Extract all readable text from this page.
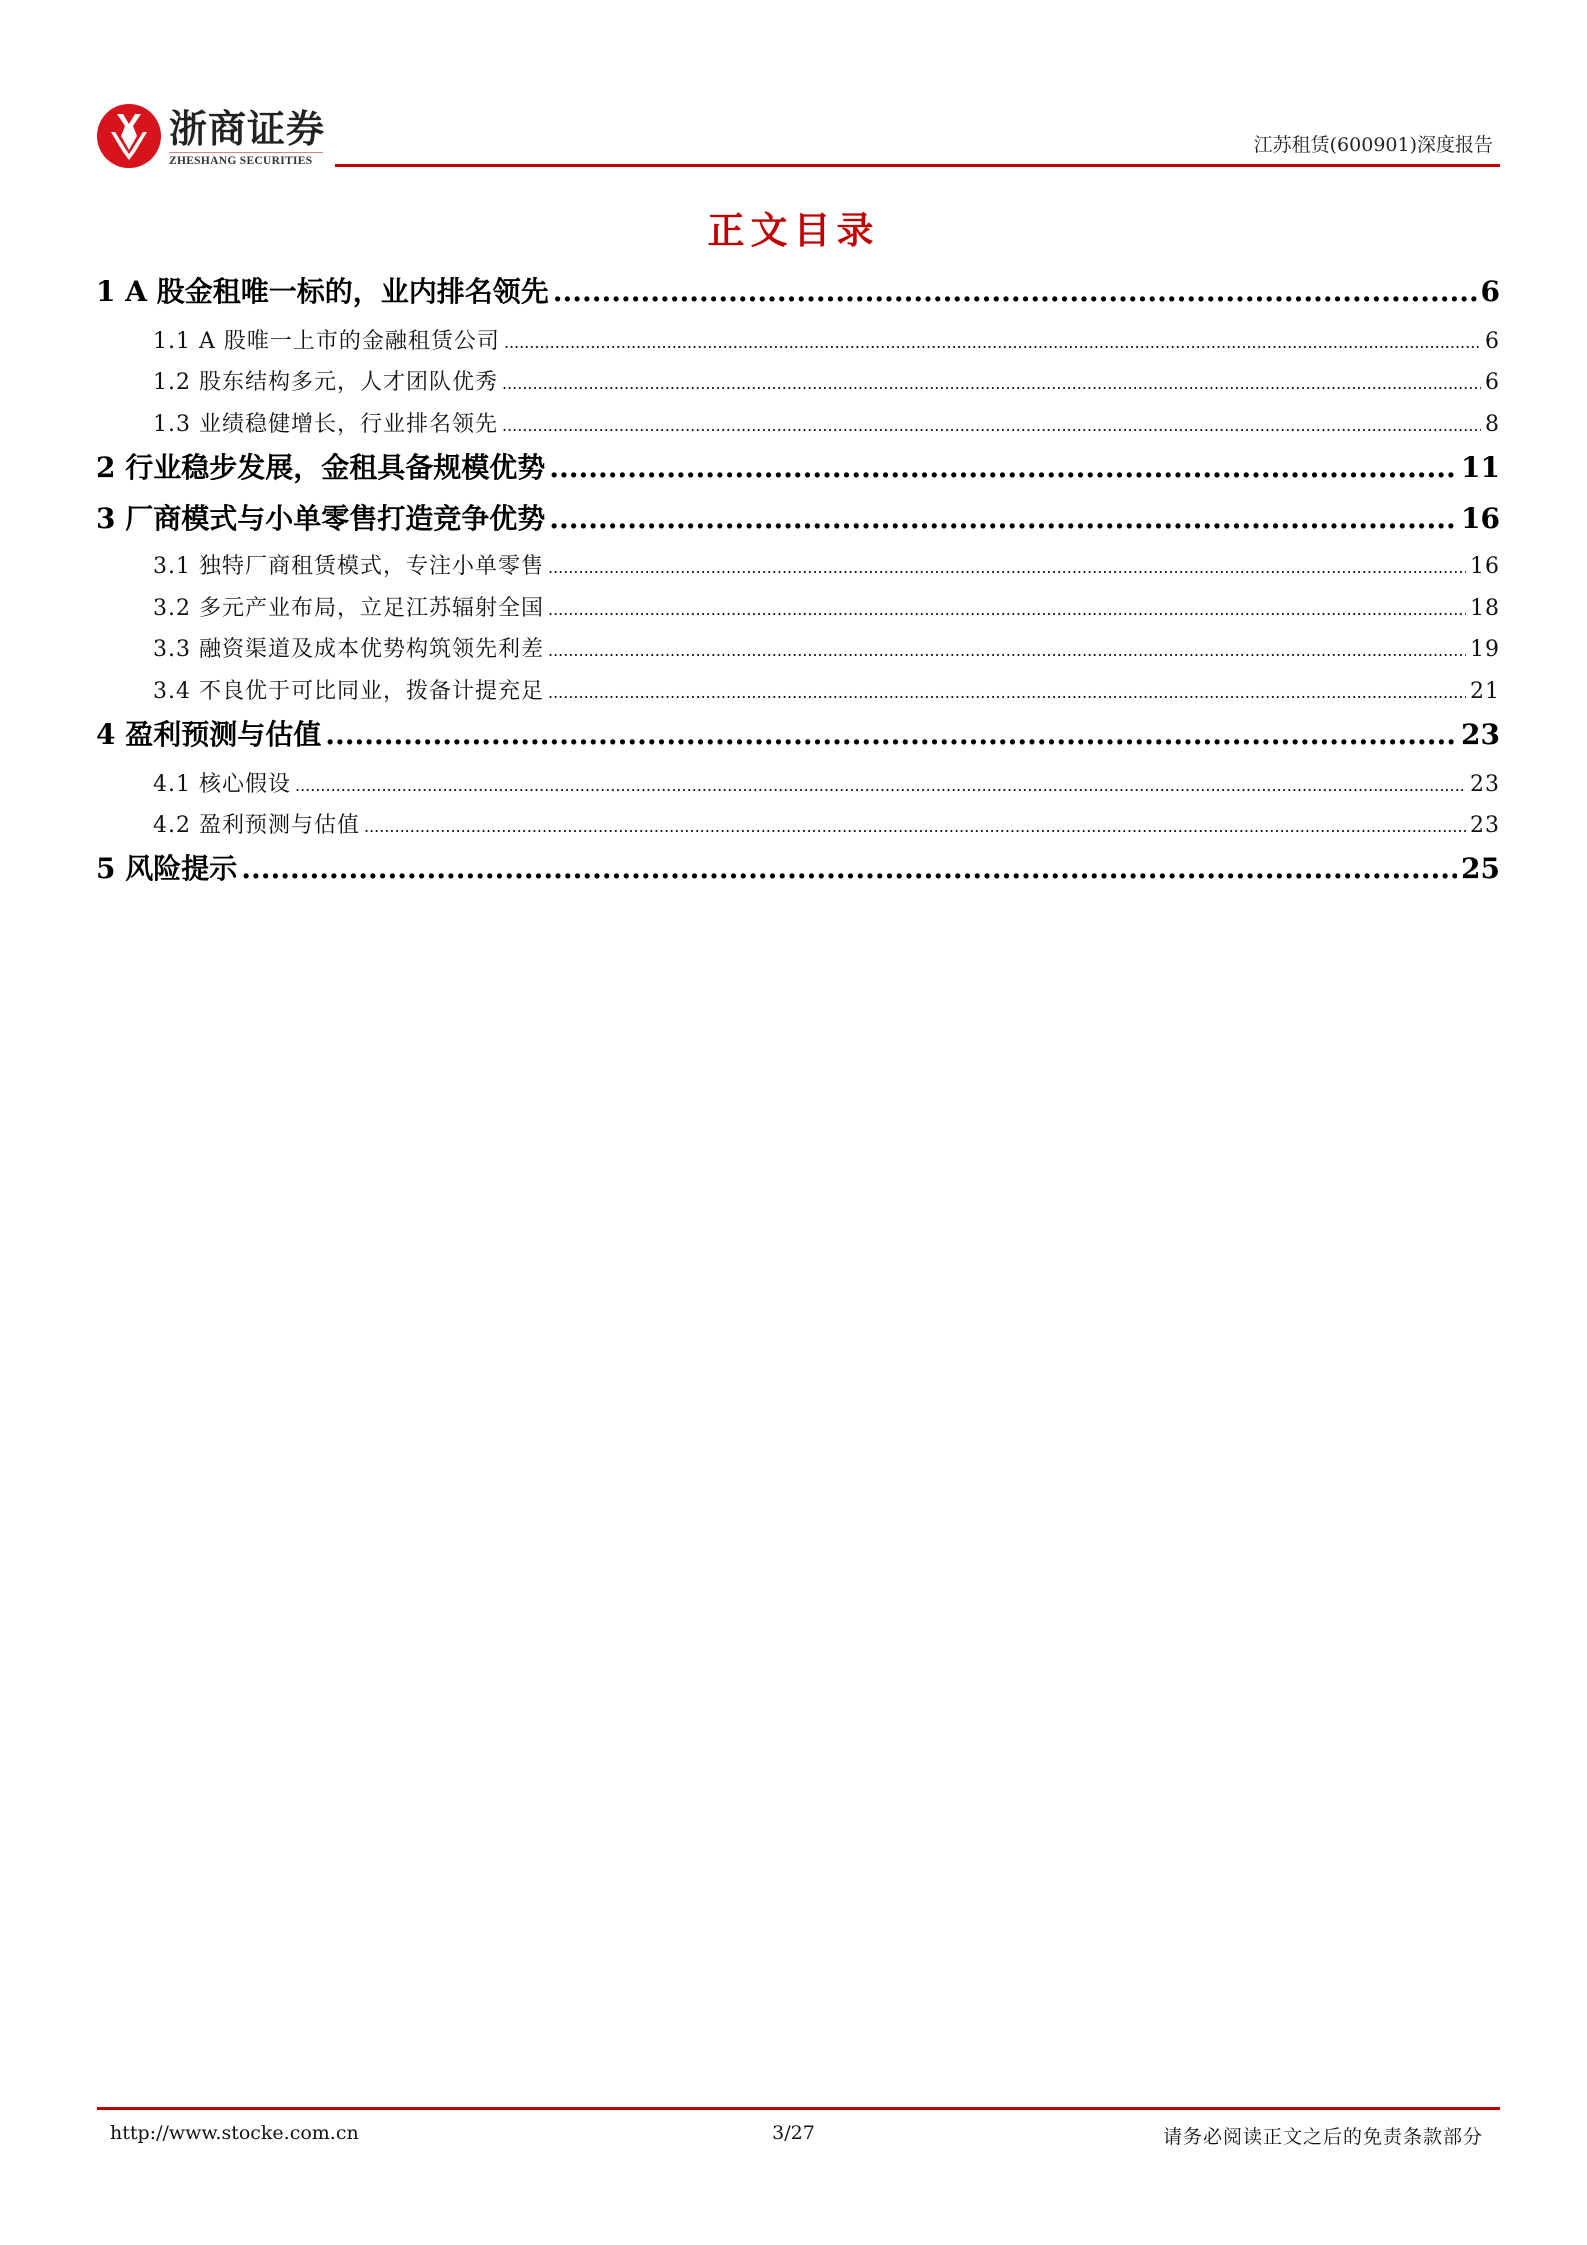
浙商证券
ZHESHANG SECURITIES
江苏租赁(600901)深度报告
正文目录
1 A 股金租唯一标的，业内排名领先 .....	6
1.1 A 股唯一上市的金融租赁公司 .....	6
1.2 股东结构多元，人才团队优秀 .....	6
1.3 业绩稳健增长，行业排名领先 .....	8
2 行业稳步发展，金租具备规模优势 .....	11
3 厂商模式与小单零售打造竞争优势 .....	16
3.1 独特厂商租赁模式，专注小单零售 .....	16
3.2 多元产业布局，立足江苏辐射全国 .....	18
3.3 融资渠道及成本优势构筑领先利差 .....	19
3.4 不良优于可比同业，拨备计提充足 .....	21
4 盈利预测与估值 .....	23
4.1 核心假设 .....	23
4.2 盈利预测与估值 .....	23
5 风险提示 .....	25
http://www.stocke.com.cn	3/27	请务必阅读正文之后的免责条款部分
